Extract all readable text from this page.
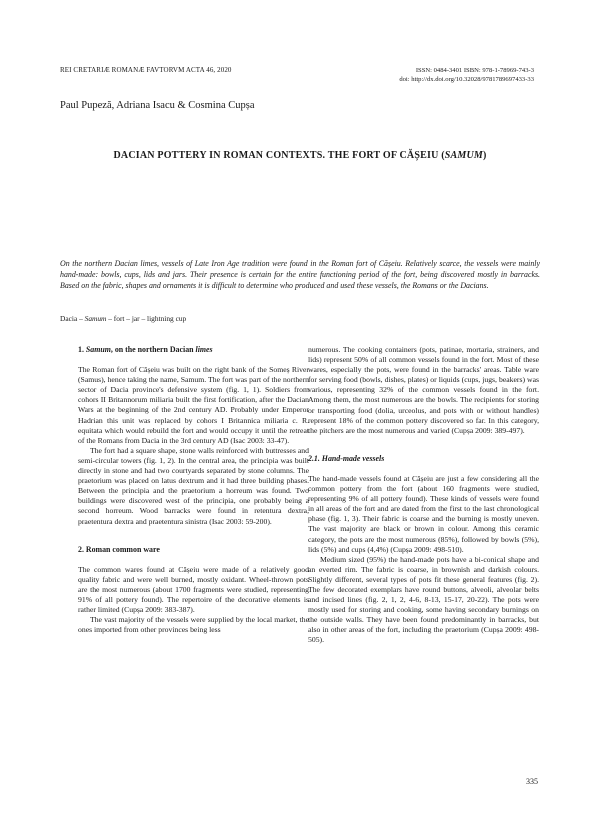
REI CRETARIÆ ROMANÆ FAVTORVM ACTA 46, 2020	ISSN: 0484-3401 ISBN: 978-1-78969-743-3
doi: http://dx.doi.org/10.32028/9781789697433-33
Paul Pupeză, Adriana Isacu & Cosmina Cupșa
DACIAN POTTERY IN ROMAN CONTEXTS. THE FORT OF CĂȘEIU (SAMUM)
On the northern Dacian limes, vessels of Late Iron Age tradition were found in the Roman fort of Cășeiu. Relatively scarce, the vessels were mainly hand-made: bowls, cups, lids and jars. Their presence is certain for the entire functioning period of the fort, being discovered mostly in barracks. Based on the fabric, shapes and ornaments it is difficult to determine who produced and used these vessels, the Romans or the Dacians.
Dacia – Samum – fort – jar – lightning cup
1. Samum, on the northern Dacian limes

The Roman fort of Cășeiu was built on the right bank of the Someș River (Samus), hence taking the name, Samum. The fort was part of the northern sector of Dacia province's defensive system (fig. 1, 1). Soldiers from cohors II Britannorum miliaria built the first fortification, after the Dacian Wars at the beginning of the 2nd century AD. Probably under Emperor Hadrian this unit was replaced by cohors I Britannica miliaria c. R. equitata which would rebuild the fort and would occupy it until the retreat of the Romans from Dacia in the 3rd century AD (Isac 2003: 33-47).

The fort had a square shape, stone walls reinforced with buttresses and semi-circular towers (fig. 1, 2). In the central area, the principia was built directly in stone and had two courtyards separated by stone columns. The praetorium was placed on latus dextrum and it had three building phases. Between the principia and the praetorium a horreum was found. Two buildings were discovered west of the principia, one probably being a second horreum. Wood barracks were found in retentura dextra, praetentura dextra and praetentura sinistra (Isac 2003: 59-200).

2. Roman common ware

The common wares found at Cășeiu were made of a relatively good quality fabric and were well burned, mostly oxidant. Wheel-thrown pots are the most numerous (about 1700 fragments were studied, representing 91% of all pottery found). The repertoire of the decorative elements is rather limited (Cupșa 2009: 383-387).

The vast majority of the vessels were supplied by the local market, the ones imported from other provinces being less

numerous. The cooking containers (pots, patinae, mortaria, strainers, and lids) represent 50% of all common vessels found in the fort. Most of these wares, especially the pots, were found in the barracks' areas. Table ware for serving food (bowls, dishes, plates) or liquids (cups, jugs, beakers) was various, representing 32% of the common vessels found in the fort. Among them, the most numerous are the bowls. The recipients for storing or transporting food (dolia, urceolus, and pots with or without handles) represent 18% of the common pottery discovered so far. In this category, the pitchers are the most numerous and varied (Cupșa 2009: 389-497).

2.1. Hand-made vessels

The hand-made vessels found at Cășeiu are just a few considering all the common pottery from the fort (about 160 fragments were studied, representing 9% of all pottery found). These kinds of vessels were found in all areas of the fort and are dated from the first to the last chronological phase (fig. 1, 3). Their fabric is coarse and the burning is mostly uneven. The vast majority are black or brown in colour. Among this ceramic category, the pots are the most numerous (85%), followed by bowls (5%), lids (5%) and cups (4,4%) (Cupșa 2009: 498-510).

Medium sized (95%) the hand-made pots have a bi-conical shape and an everted rim. The fabric is coarse, in brownish and darkish colours. Slightly different, several types of pots fit these general features (fig. 2). The few decorated exemplars have round buttons, alveoli, alveolar belts and incised lines (fig. 2, 1, 2, 4-6, 8-13, 15-17, 20-22). The pots were mostly used for storing and cooking, some having secondary burnings on the outside walls. They have been found predominantly in barracks, but also in other areas of the fort, including the praetorium (Cupșa 2009: 498-505).

335
